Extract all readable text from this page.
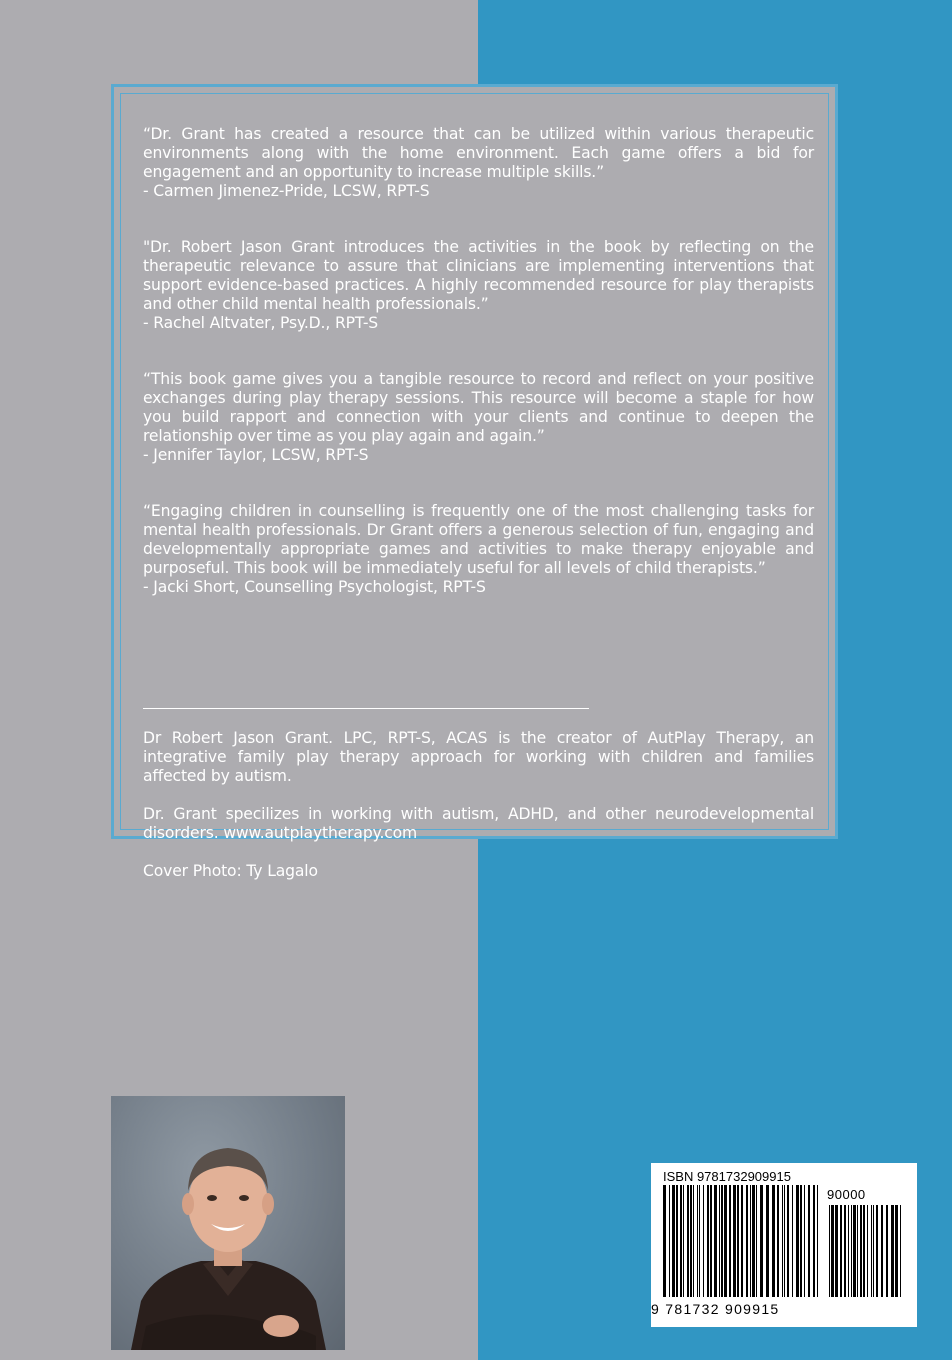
“Dr. Grant has created a resource that can be utilized within various therapeutic environments along with the home environment. Each game offers a bid for engagement and an opportunity to increase multiple skills.”

- Carmen Jimenez-Pride, LCSW, RPT-S

"Dr. Robert Jason Grant introduces the activities in the book by reflecting on the therapeutic relevance to assure that clinicians are implementing interventions that support evidence-based practices. A highly recommended resource for play therapists and other child mental health professionals.”

- Rachel Altvater, Psy.D., RPT-S

“This book game gives you a tangible resource to record and reflect on your positive exchanges during play therapy sessions. This resource will become a staple for how you build rapport and connection with your clients and continue to deepen the relationship over time as you play again and again.”

- Jennifer Taylor, LCSW, RPT-S

“Engaging children in counselling is frequently one of the most challenging tasks for mental health professionals. Dr Grant offers a generous selection of fun, engaging and developmentally appropriate games and activities to make therapy enjoyable and purposeful. This book will be immediately useful for all levels of child therapists.”

- Jacki Short, Counselling Psychologist, RPT-S

Dr Robert Jason Grant. LPC, RPT-S, ACAS is the creator of AutPlay Therapy, an integrative family play therapy approach for working with children and families affected by autism.

Dr. Grant specilizes in working with autism, ADHD, and other neurodevelopmental disorders. www.autplaytherapy.com

Cover Photo: Ty Lagalo

ISBN 9781732909915
90000
9 781732 909915
